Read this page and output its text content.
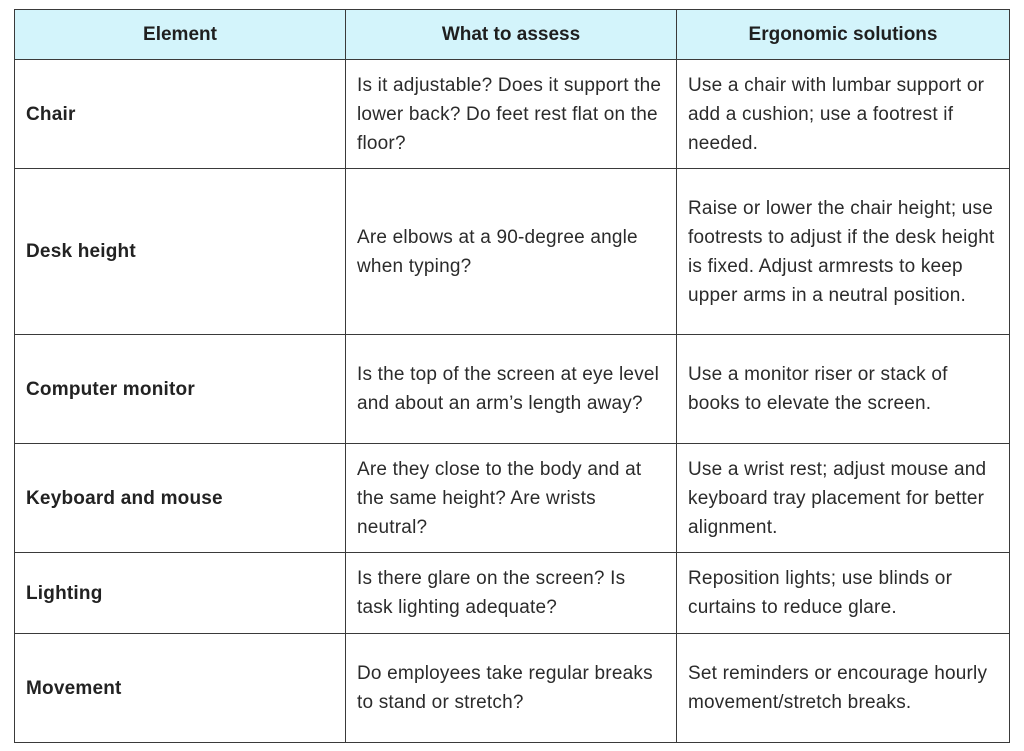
Element	What to assess	Ergonomic solutions
Chair	Is it adjustable? Does it support the lower back? Do feet rest flat on the floor?	Use a chair with lumbar support or add a cushion; use a footrest if needed.
Desk height	Are elbows at a 90-degree angle when typing?	Raise or lower the chair height; use footrests to adjust if the desk height is fixed. Adjust armrests to keep upper arms in a neutral position.
Computer monitor	Is the top of the screen at eye level and about an arm’s length away?	Use a monitor riser or stack of books to elevate the screen.
Keyboard and mouse	Are they close to the body and at the same height? Are wrists neutral?	Use a wrist rest; adjust mouse and keyboard tray placement for better alignment.
Lighting	Is there glare on the screen? Is task lighting adequate?	Reposition lights; use blinds or curtains to reduce glare.
Movement	Do employees take regular breaks to stand or stretch?	Set reminders or encourage hourly movement/stretch breaks.
